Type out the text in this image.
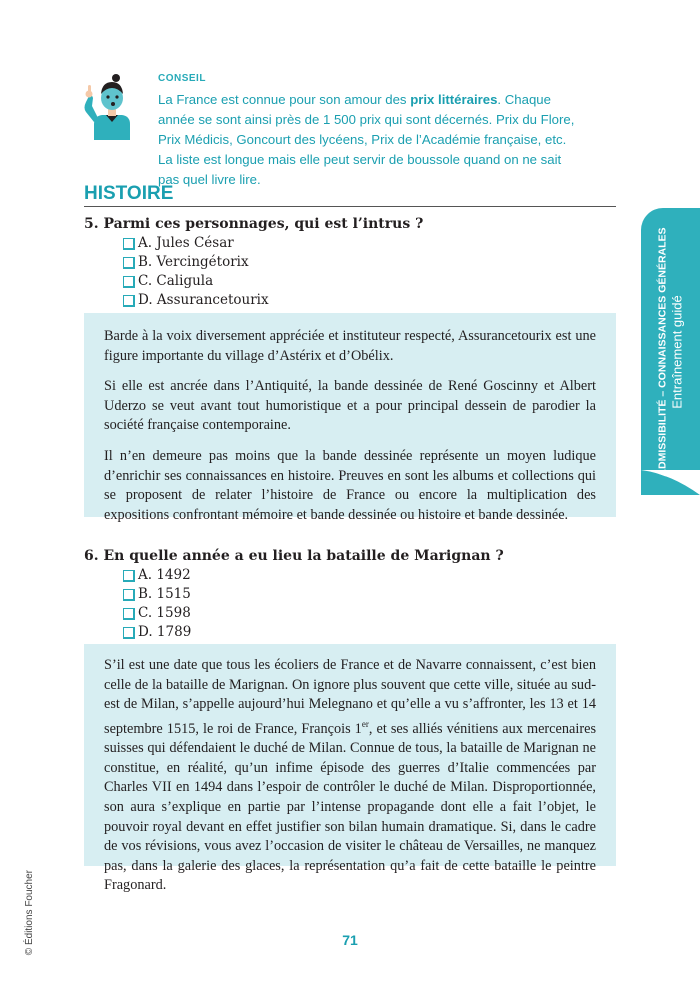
CONSEIL
La France est connue pour son amour des prix littéraires. Chaque année se sont ainsi près de 1 500 prix qui sont décernés. Prix du Flore, Prix Médicis, Goncourt des lycéens, Prix de l’Académie française, etc. La liste est longue mais elle peut servir de boussole quand on ne sait pas quel livre lire.
HISTOIRE
5. Parmi ces personnages, qui est l’intrus ?
A. Jules César
B. Vercingétorix
C. Caligula
D. Assurancetourix

Barde à la voix diversement appréciée et instituteur respecté, Assurancetourix est une figure importante du village d’Astérix et d’Obélix.

Si elle est ancrée dans l’Antiquité, la bande dessinée de René Goscinny et Albert Uderzo se veut avant tout humoristique et a pour principal dessein de parodier la société française contemporaine.

Il n’en demeure pas moins que la bande dessinée représente un moyen ludique d’enrichir ses connaissances en histoire. Preuves en sont les albums et collections qui se proposent de relater l’histoire de France ou encore la multiplication des expositions confrontant mémoire et bande dessinée ou histoire et bande dessinée.

6. En quelle année a eu lieu la bataille de Marignan ?
A. 1492
B. 1515
C. 1598
D. 1789

S’il est une date que tous les écoliers de France et de Navarre connaissent, c’est bien celle de la bataille de Marignan. On ignore plus souvent que cette ville, située au sud-est de Milan, s’appelle aujourd’hui Melegnano et qu’elle a vu s’affronter, les 13 et 14 septembre 1515, le roi de France, François 1er, et ses alliés vénitiens aux mercenaires suisses qui défendaient le duché de Milan. Connue de tous, la bataille de Marignan ne constitue, en réalité, qu’un infime épisode des guerres d’Italie commencées par Charles VII en 1494 dans l’espoir de contrôler le duché de Milan. Disproportionnée, son aura s’explique en partie par l’intense propagande dont elle a fait l’objet, le pouvoir royal devant en effet justifier son bilan humain dramatique. Si, dans le cadre de vos révisions, vous avez l’occasion de visiter le château de Versailles, ne manquez pas, dans la galerie des glaces, la représentation qu’a fait de cette bataille le peintre Fragonard.

ADMISSIBILITÉ – CONNAISSANCES GÉNÉRALES Entraînement guidé
© Éditions Foucher	71
